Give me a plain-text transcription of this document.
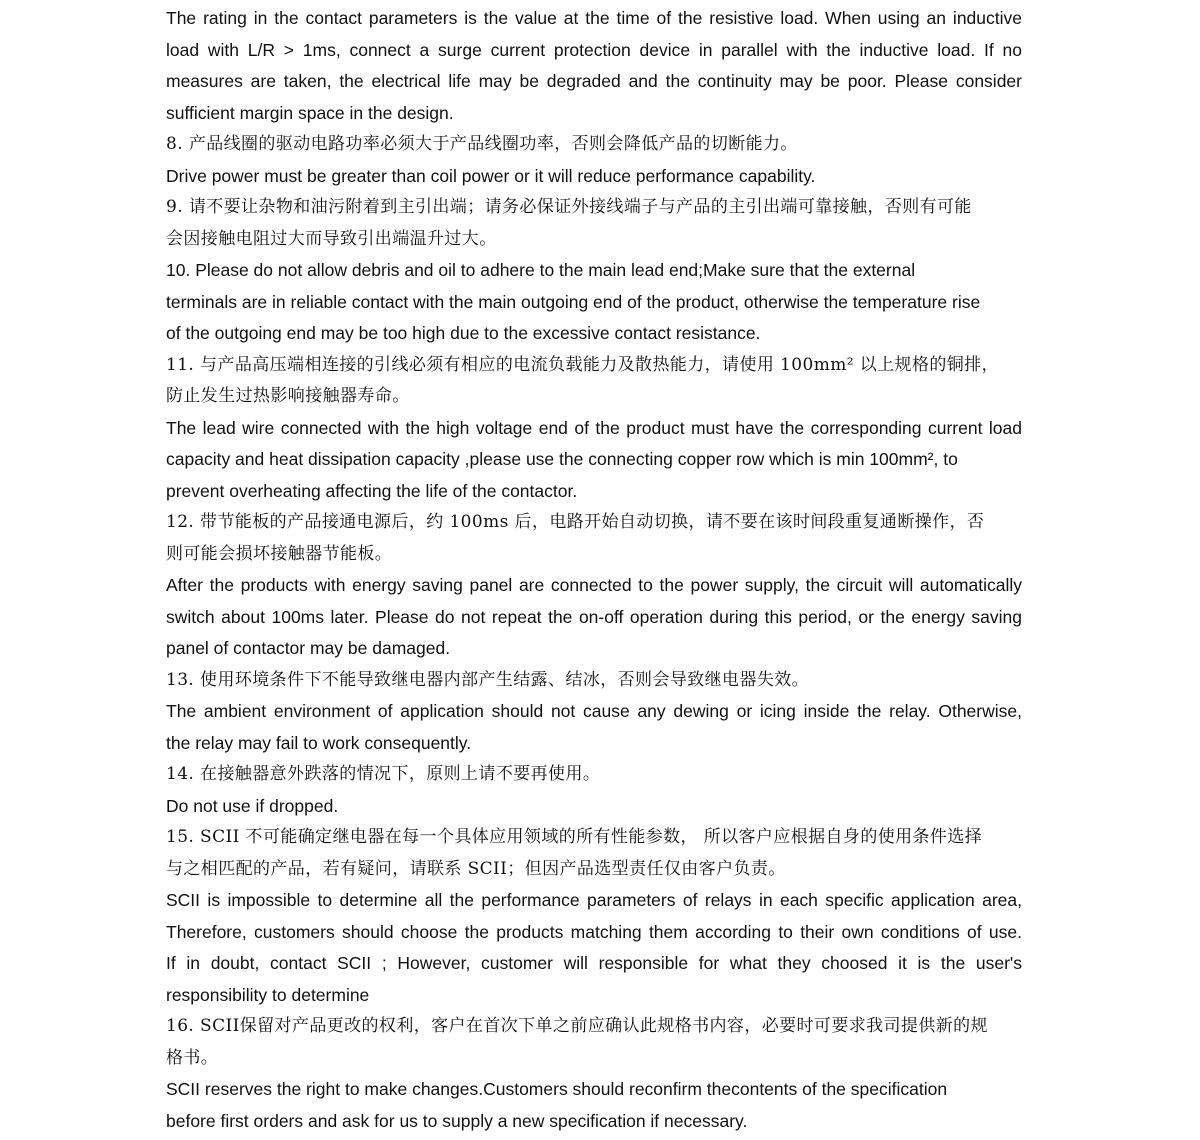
The rating in the contact parameters is the value at the time of the resistive load. When using an inductive
load with L/R > 1ms, connect a surge current protection device in parallel with the inductive load. If no
measures are taken, the electrical life may be degraded and the continuity may be poor. Please consider
sufficient margin space in the design.
8. 产品线圈的驱动电路功率必须大于产品线圈功率，否则会降低产品的切断能力。
Drive power must be greater than coil power or it will reduce performance capability.
9. 请不要让杂物和油污附着到主引出端；请务必保证外接线端子与产品的主引出端可靠接触，否则有可能
会因接触电阻过大而导致引出端温升过大。
10. Please do not allow debris and oil to adhere to the main lead end;Make sure that the external
terminals are in reliable contact with the main outgoing end of the product, otherwise the temperature rise
of the outgoing end may be too high due to the excessive contact resistance.
11. 与产品高压端相连接的引线必须有相应的电流负载能力及散热能力，请使用 100mm² 以上规格的铜排，
防止发生过热影响接触器寿命。
The lead wire connected with the high voltage end of the product must have the corresponding current load
capacity and heat dissipation capacity ,please use the connecting copper row which is min 100mm², to
prevent overheating affecting the life of the contactor.
12. 带节能板的产品接通电源后，约 100ms 后，电路开始自动切换，请不要在该时间段重复通断操作，否
则可能会损坏接触器节能板。
After the products with energy saving panel are connected to the power supply, the circuit will automatically
switch about 100ms later. Please do not repeat the on-off operation during this period, or the energy saving
panel of contactor may be damaged.
13. 使用环境条件下不能导致继电器内部产生结露、结冰，否则会导致继电器失效。
The ambient environment of application should not cause any dewing or icing inside the relay. Otherwise,
the relay may fail to work consequently.
14. 在接触器意外跌落的情况下，原则上请不要再使用。
Do not use if dropped.
15. SCII 不可能确定继电器在每一个具体应用领域的所有性能参数， 所以客户应根据自身的使用条件选择
与之相匹配的产品，若有疑问，请联系 SCII；但因产品选型责任仅由客户负责。
SCII is impossible to determine all the performance parameters of relays in each specific application area,
Therefore, customers should choose the products matching them according to their own conditions of use.
If in doubt, contact SCII ; However, customer will responsible for what they choosed it is the user's
responsibility to determine
16. SCII保留对产品更改的权利，客户在首次下单之前应确认此规格书内容，必要时可要求我司提供新的规
格书。
SCII reserves the right to make changes.Customers should reconfirm thecontents of the specification
before first orders and ask for us to supply a new specification if necessary.
